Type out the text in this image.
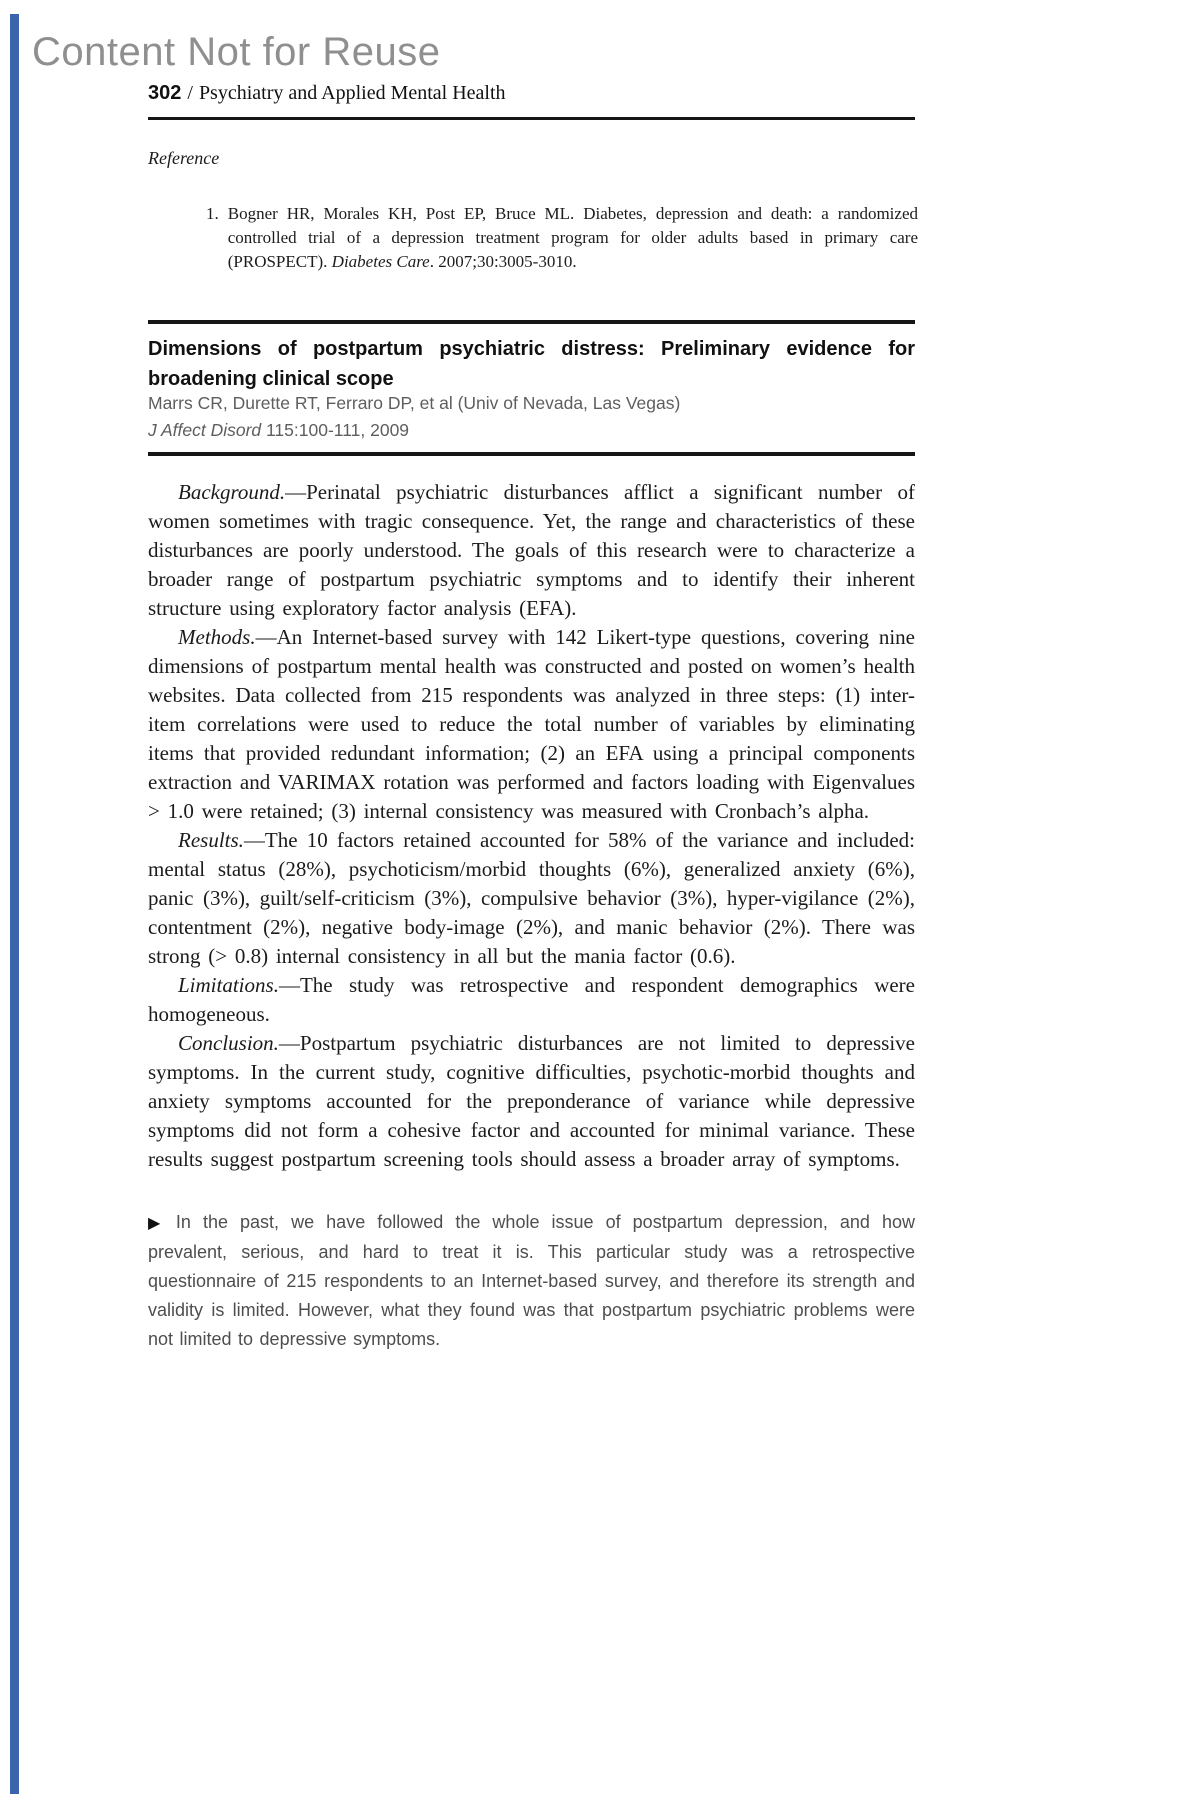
Content Not for Reuse
302 / Psychiatry and Applied Mental Health
Reference
1. Bogner HR, Morales KH, Post EP, Bruce ML. Diabetes, depression and death: a randomized controlled trial of a depression treatment program for older adults based in primary care (PROSPECT). Diabetes Care. 2007;30:3005-3010.

Dimensions of postpartum psychiatric distress: Preliminary evidence for broadening clinical scope

Marrs CR, Durette RT, Ferraro DP, et al (Univ of Nevada, Las Vegas)
J Affect Disord 115:100-111, 2009

Background.—Perinatal psychiatric disturbances afflict a significant number of women sometimes with tragic consequence. Yet, the range and characteristics of these disturbances are poorly understood. The goals of this research were to characterize a broader range of postpartum psychiatric symptoms and to identify their inherent structure using exploratory factor analysis (EFA).

Methods.—An Internet-based survey with 142 Likert-type questions, covering nine dimensions of postpartum mental health was constructed and posted on women’s health websites. Data collected from 215 respondents was analyzed in three steps: (1) inter-item correlations were used to reduce the total number of variables by eliminating items that provided redundant information; (2) an EFA using a principal components extraction and VARIMAX rotation was performed and factors loading with Eigenvalues > 1.0 were retained; (3) internal consistency was measured with Cronbach’s alpha.

Results.—The 10 factors retained accounted for 58% of the variance and included: mental status (28%), psychoticism/morbid thoughts (6%), generalized anxiety (6%), panic (3%), guilt/self-criticism (3%), compulsive behavior (3%), hyper-vigilance (2%), contentment (2%), negative body-image (2%), and manic behavior (2%). There was strong (> 0.8) internal consistency in all but the mania factor (0.6).

Limitations.—The study was retrospective and respondent demographics were homogeneous.

Conclusion.—Postpartum psychiatric disturbances are not limited to depressive symptoms. In the current study, cognitive difficulties, psychotic-morbid thoughts and anxiety symptoms accounted for the preponderance of variance while depressive symptoms did not form a cohesive factor and accounted for minimal variance. These results suggest postpartum screening tools should assess a broader array of symptoms.

▶ In the past, we have followed the whole issue of postpartum depression, and how prevalent, serious, and hard to treat it is. This particular study was a retrospective questionnaire of 215 respondents to an Internet-based survey, and therefore its strength and validity is limited. However, what they found was that postpartum psychiatric problems were not limited to depressive symptoms.
